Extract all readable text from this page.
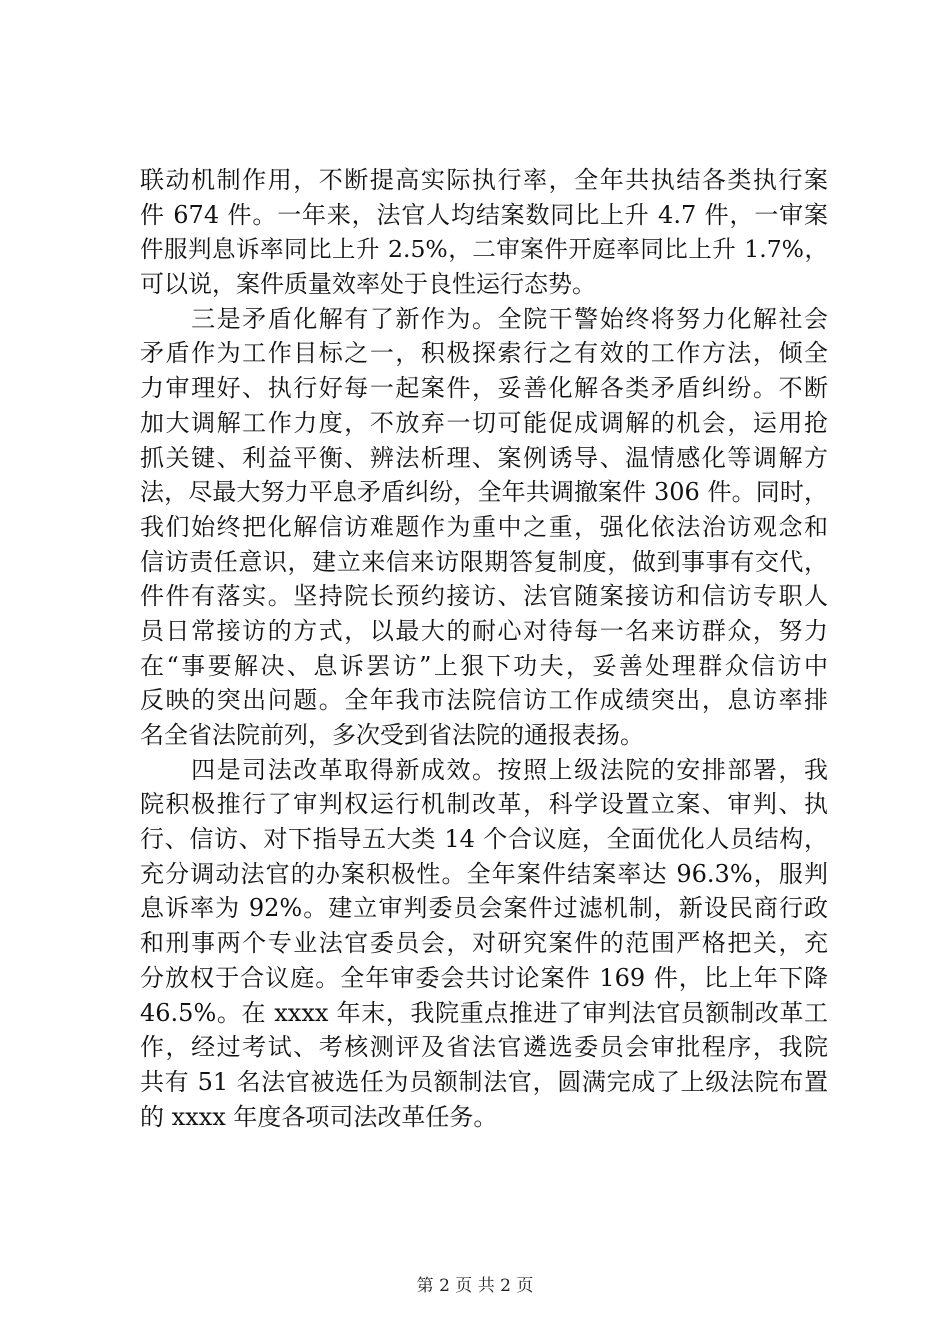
联动机制作用，不断提高实际执行率，全年共执结各类执行案
件 674 件。一年来，法官人均结案数同比上升 4.7 件，一审案
件服判息诉率同比上升 2.5%，二审案件开庭率同比上升 1.7%，
可以说，案件质量效率处于良性运行态势。
　　三是矛盾化解有了新作为。全院干警始终将努力化解社会
矛盾作为工作目标之一，积极探索行之有效的工作方法，倾全
力审理好、执行好每一起案件，妥善化解各类矛盾纠纷。不断
加大调解工作力度，不放弃一切可能促成调解的机会，运用抢
抓关键、利益平衡、辨法析理、案例诱导、温情感化等调解方
法，尽最大努力平息矛盾纠纷，全年共调撤案件 306 件。同时，
我们始终把化解信访难题作为重中之重，强化依法治访观念和
信访责任意识，建立来信来访限期答复制度，做到事事有交代，
件件有落实。坚持院长预约接访、法官随案接访和信访专职人
员日常接访的方式，以最大的耐心对待每一名来访群众，努力
在“事要解决、息诉罢访”上狠下功夫，妥善处理群众信访中
反映的突出问题。全年我市法院信访工作成绩突出，息访率排
名全省法院前列，多次受到省法院的通报表扬。
　　四是司法改革取得新成效。按照上级法院的安排部署，我
院积极推行了审判权运行机制改革，科学设置立案、审判、执
行、信访、对下指导五大类 14 个合议庭，全面优化人员结构，
充分调动法官的办案积极性。全年案件结案率达 96.3%，服判
息诉率为 92%。建立审判委员会案件过滤机制，新设民商行政
和刑事两个专业法官委员会，对研究案件的范围严格把关，充
分放权于合议庭。全年审委会共讨论案件 169 件，比上年下降
46.5%。在 xxxx 年末，我院重点推进了审判法官员额制改革工
作，经过考试、考核测评及省法官遴选委员会审批程序，我院
共有 51 名法官被选任为员额制法官，圆满完成了上级法院布置
的 xxxx 年度各项司法改革任务。
第 2 页 共 2 页
